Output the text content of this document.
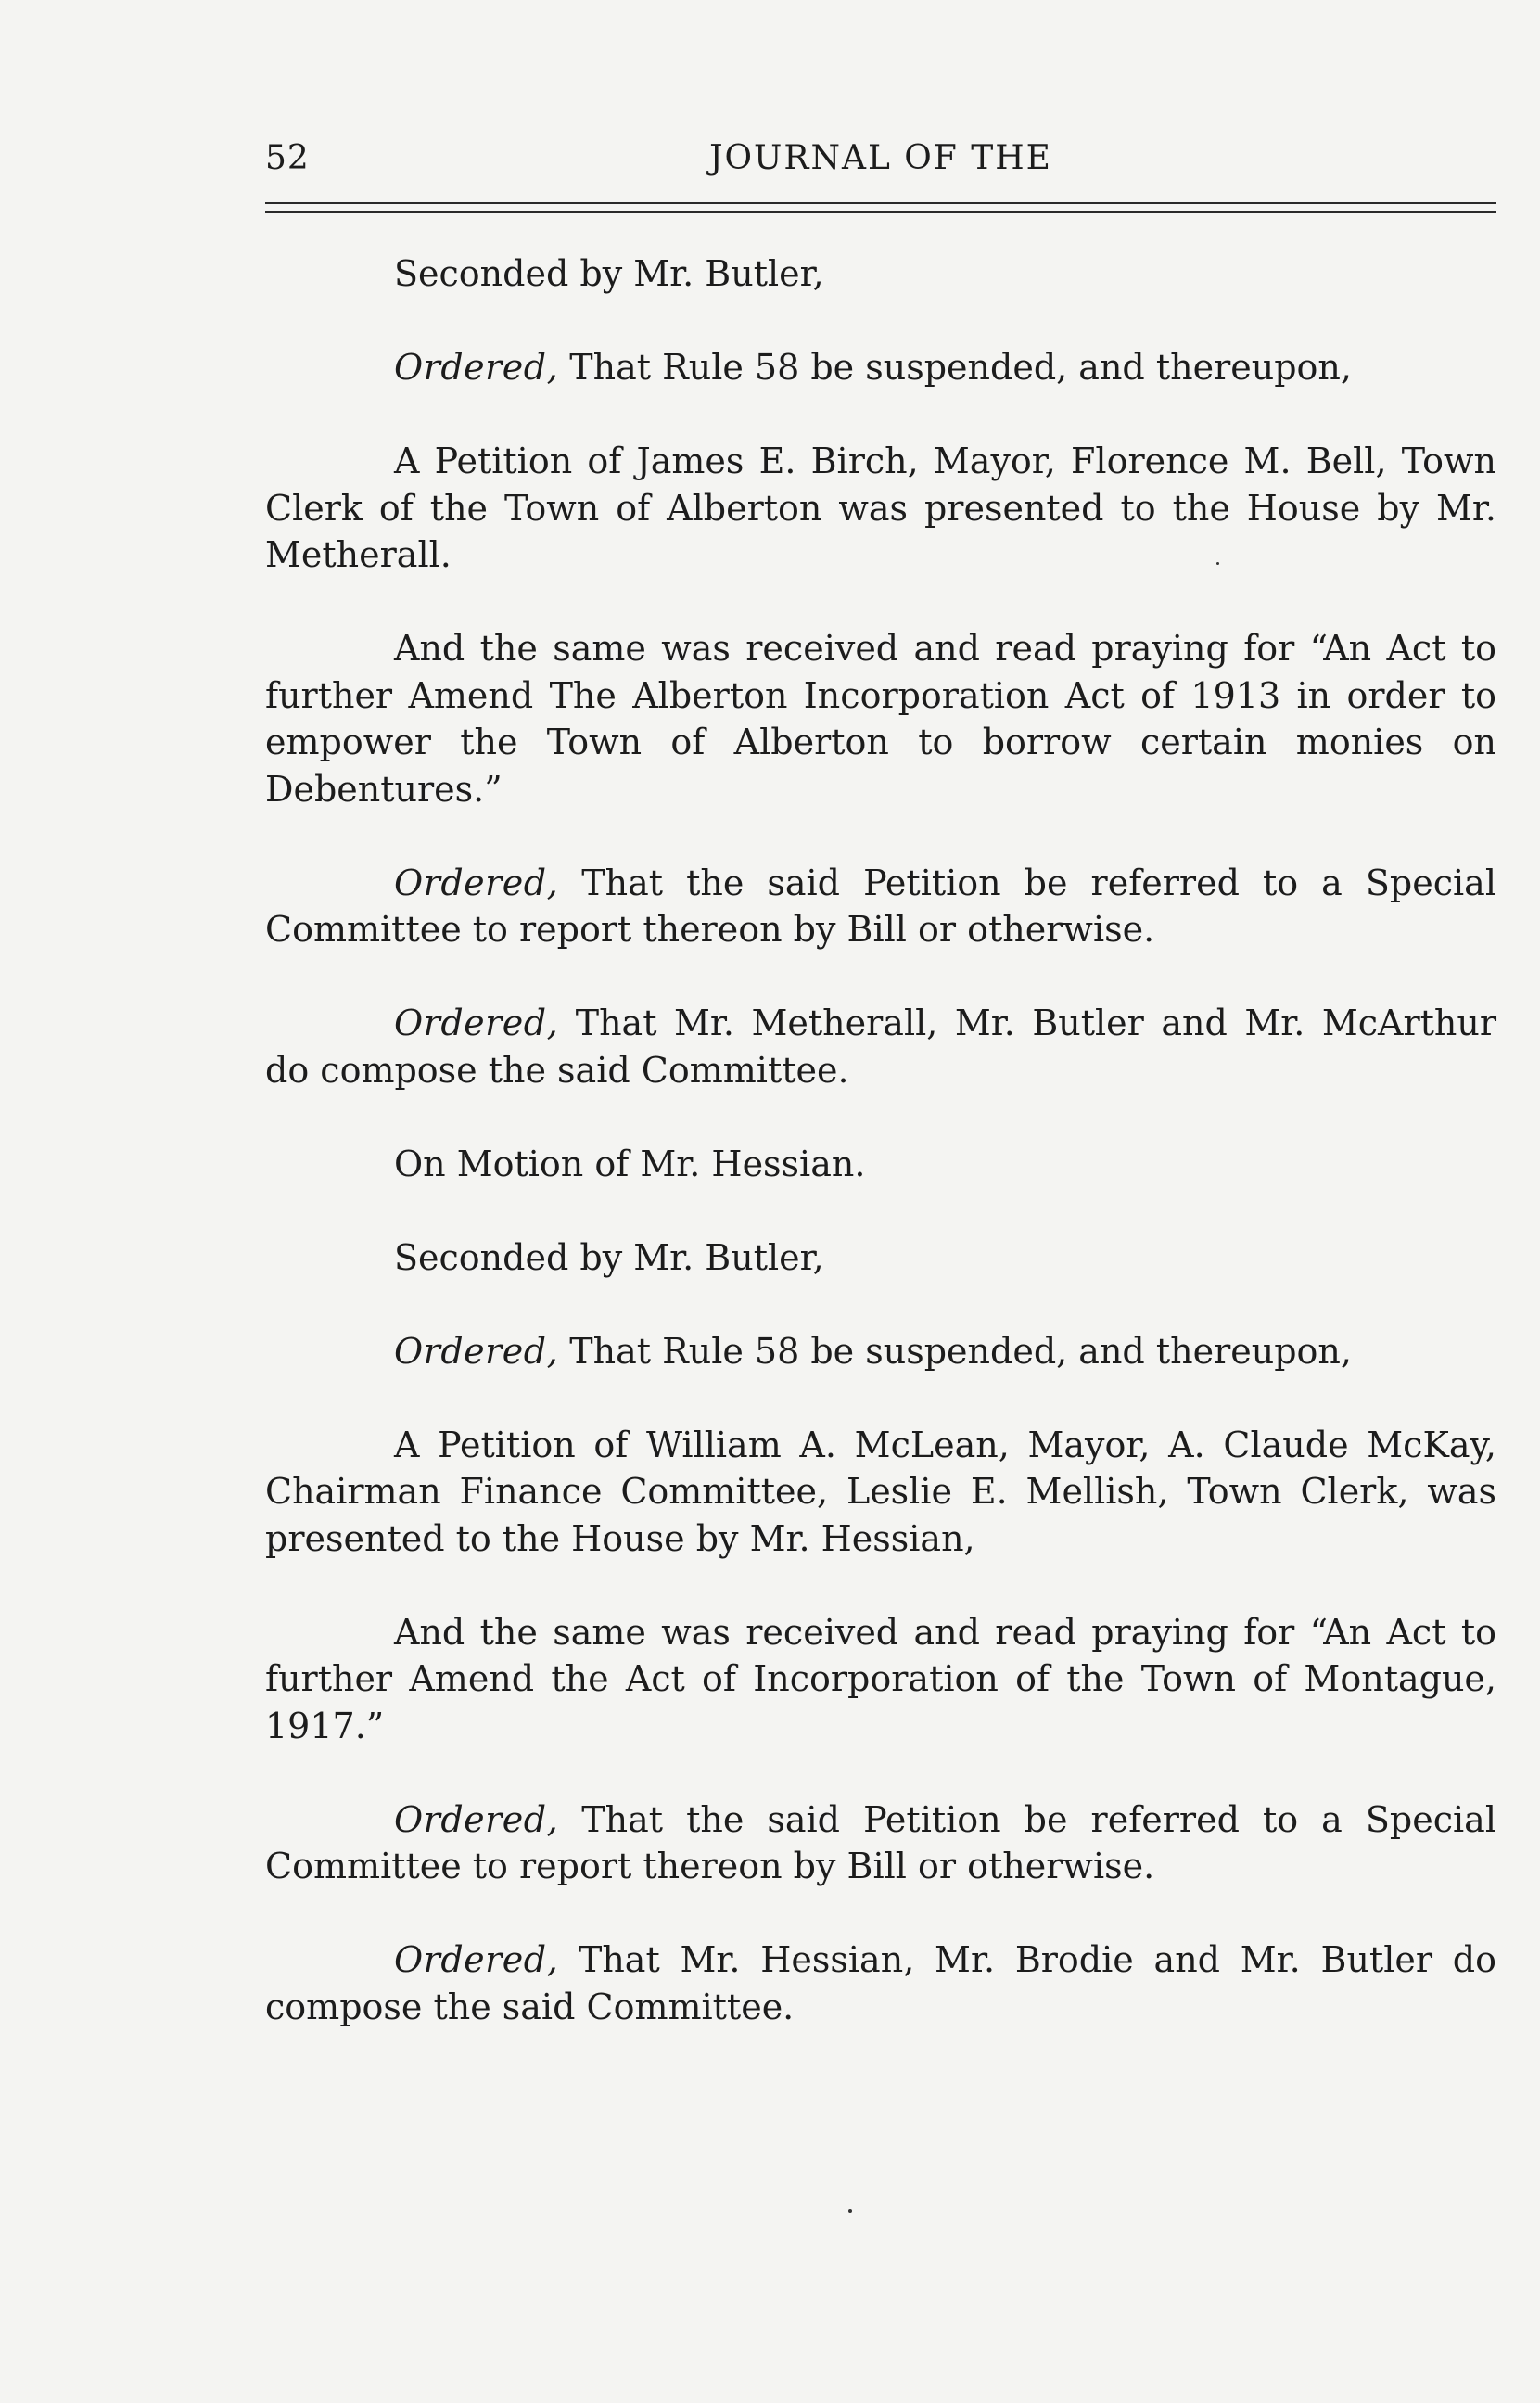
52	JOURNAL OF THE

Seconded by Mr. Butler,

Ordered, That Rule 58 be suspended, and thereupon,

A Petition of James E. Birch, Mayor, Florence M. Bell, Town Clerk of the Town of Alberton was presented to the House by Mr. Metherall.

And the same was received and read praying for “An Act to further Amend The Alberton Incorporation Act of 1913 in order to empower the Town of Alberton to borrow certain monies on Debentures.”

Ordered, That the said Petition be referred to a Special Committee to report thereon by Bill or otherwise.

Ordered, That Mr. Metherall, Mr. Butler and Mr. McArthur do compose the said Committee.

On Motion of Mr. Hessian.

Seconded by Mr. Butler,

Ordered, That Rule 58 be suspended, and thereupon,

A Petition of William A. McLean, Mayor, A. Claude McKay, Chairman Finance Committee, Leslie E. Mellish, Town Clerk, was presented to the House by Mr. Hessian,

And the same was received and read praying for “An Act to further Amend the Act of Incorporation of the Town of Montague, 1917.”

Ordered, That the said Petition be referred to a Special Committee to report thereon by Bill or otherwise.

Ordered, That Mr. Hessian, Mr. Brodie and Mr. Butler do compose the said Committee.
